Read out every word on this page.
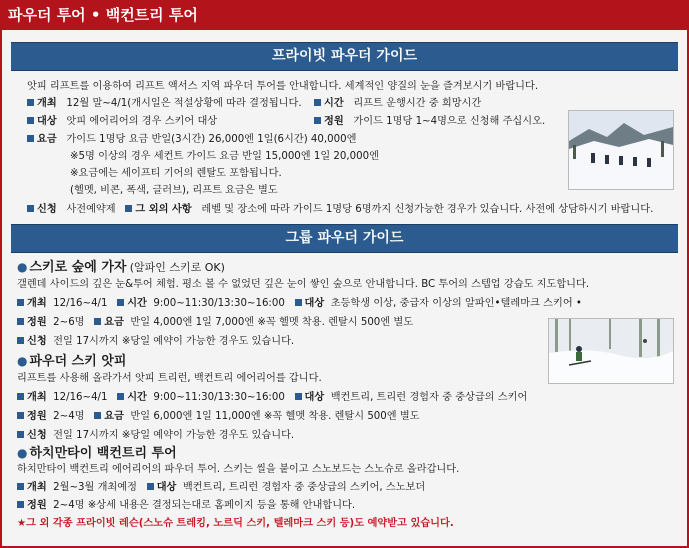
파우더 투어 • 백컨트리 투어
프라이빗 파우더 가이드
앗피 리프트를 이용하여 리프트 액서스 지역 파우더 투어를 안내합니다. 세계적인 양질의 눈을 즐겨보시기 바랍니다.
개최 12월 말~4/1(개시일은 적설상황에 따라 결정됩니다.	시간 리프트 운행시간 중 희망시간
대상 앗피 에어리어의 경우 스키어 대상	정원 가이드 1명당 1~4명으로 신청해 주십시오.
요금 가이드 1명당 요금 반일(3시간) 26,000엔 1일(6시간) 40,000엔
※5명 이상의 경우 세컨트 가이드 요금 반일 15,000엔 1일 20,000엔
※요금에는 세이프티 기어의 렌탈도 포함됩니다.
(헬멧, 비콘, 폭색, 글러브), 리프트 요금은 별도
신청 사전예약제 그 외의 사항 레벨 및 장소에 따라 가이드 1명당 6명까지 신청가능한 경우가 있습니다. 사전에 상담하시기 바랍니다.
그룹 파우더 가이드
● 스키로 숲에 가자 (알파인 스키로 OK)
갤렌데 사이드의 깊은 눈&투어 체험. 평소 볼 수 없었던 깊은 눈이 쌓인 숲으로 안내합니다. BC 투어의 스텝업 강습도 지도합니다.
개최 12/16~4/1 시간 9:00~11:30/13:30~16:00 대상 초등학생 이상, 중급자 이상의 알파인•텔레마크 스키어 •
정원 2~6명 요금 반일 4,000엔 1일 7,000엔 ※꼭 헬멧 착용. 렌탈시 500엔 별도
신청 전일 17시까지 ※당일 예약이 가능한 경우도 있습니다.
● 파우더 스키 앗피
리프트를 사용해 올라가서 앗피 트리런, 백컨트리 에어리어를 갑니다.
개최 12/16~4/1 시간 9:00~11:30/13:30~16:00 대상 백컨트리, 트리런 경험자 중 중상급의 스키어
정원 2~4명 요금 반일 6,000엔 1일 11,000엔 ※꼭 헬멧 착용. 렌탈시 500엔 별도
신청 전일 17시까지 ※당일 예약이 가능한 경우도 있습니다.
● 하치만타이 백컨트리 투어
하치만타이 백컨트리 에어리어의 파우더 투어. 스키는 씰을 붙이고 스노보드는 스노슈로 올라갑니다.
개최 2월~3월 개최예정 대상 백컨트리, 트리런 경험자 중 중상급의 스키어, 스노보더
정원 2~4명 ※상세 내용은 결정되는대로 홈페이지 등을 통해 안내합니다.
★그 외 각종 프라이빗 레슨(스노슈 트레킹, 노르딕 스키, 텔레마크 스키 등)도 예약받고 있습니다.
